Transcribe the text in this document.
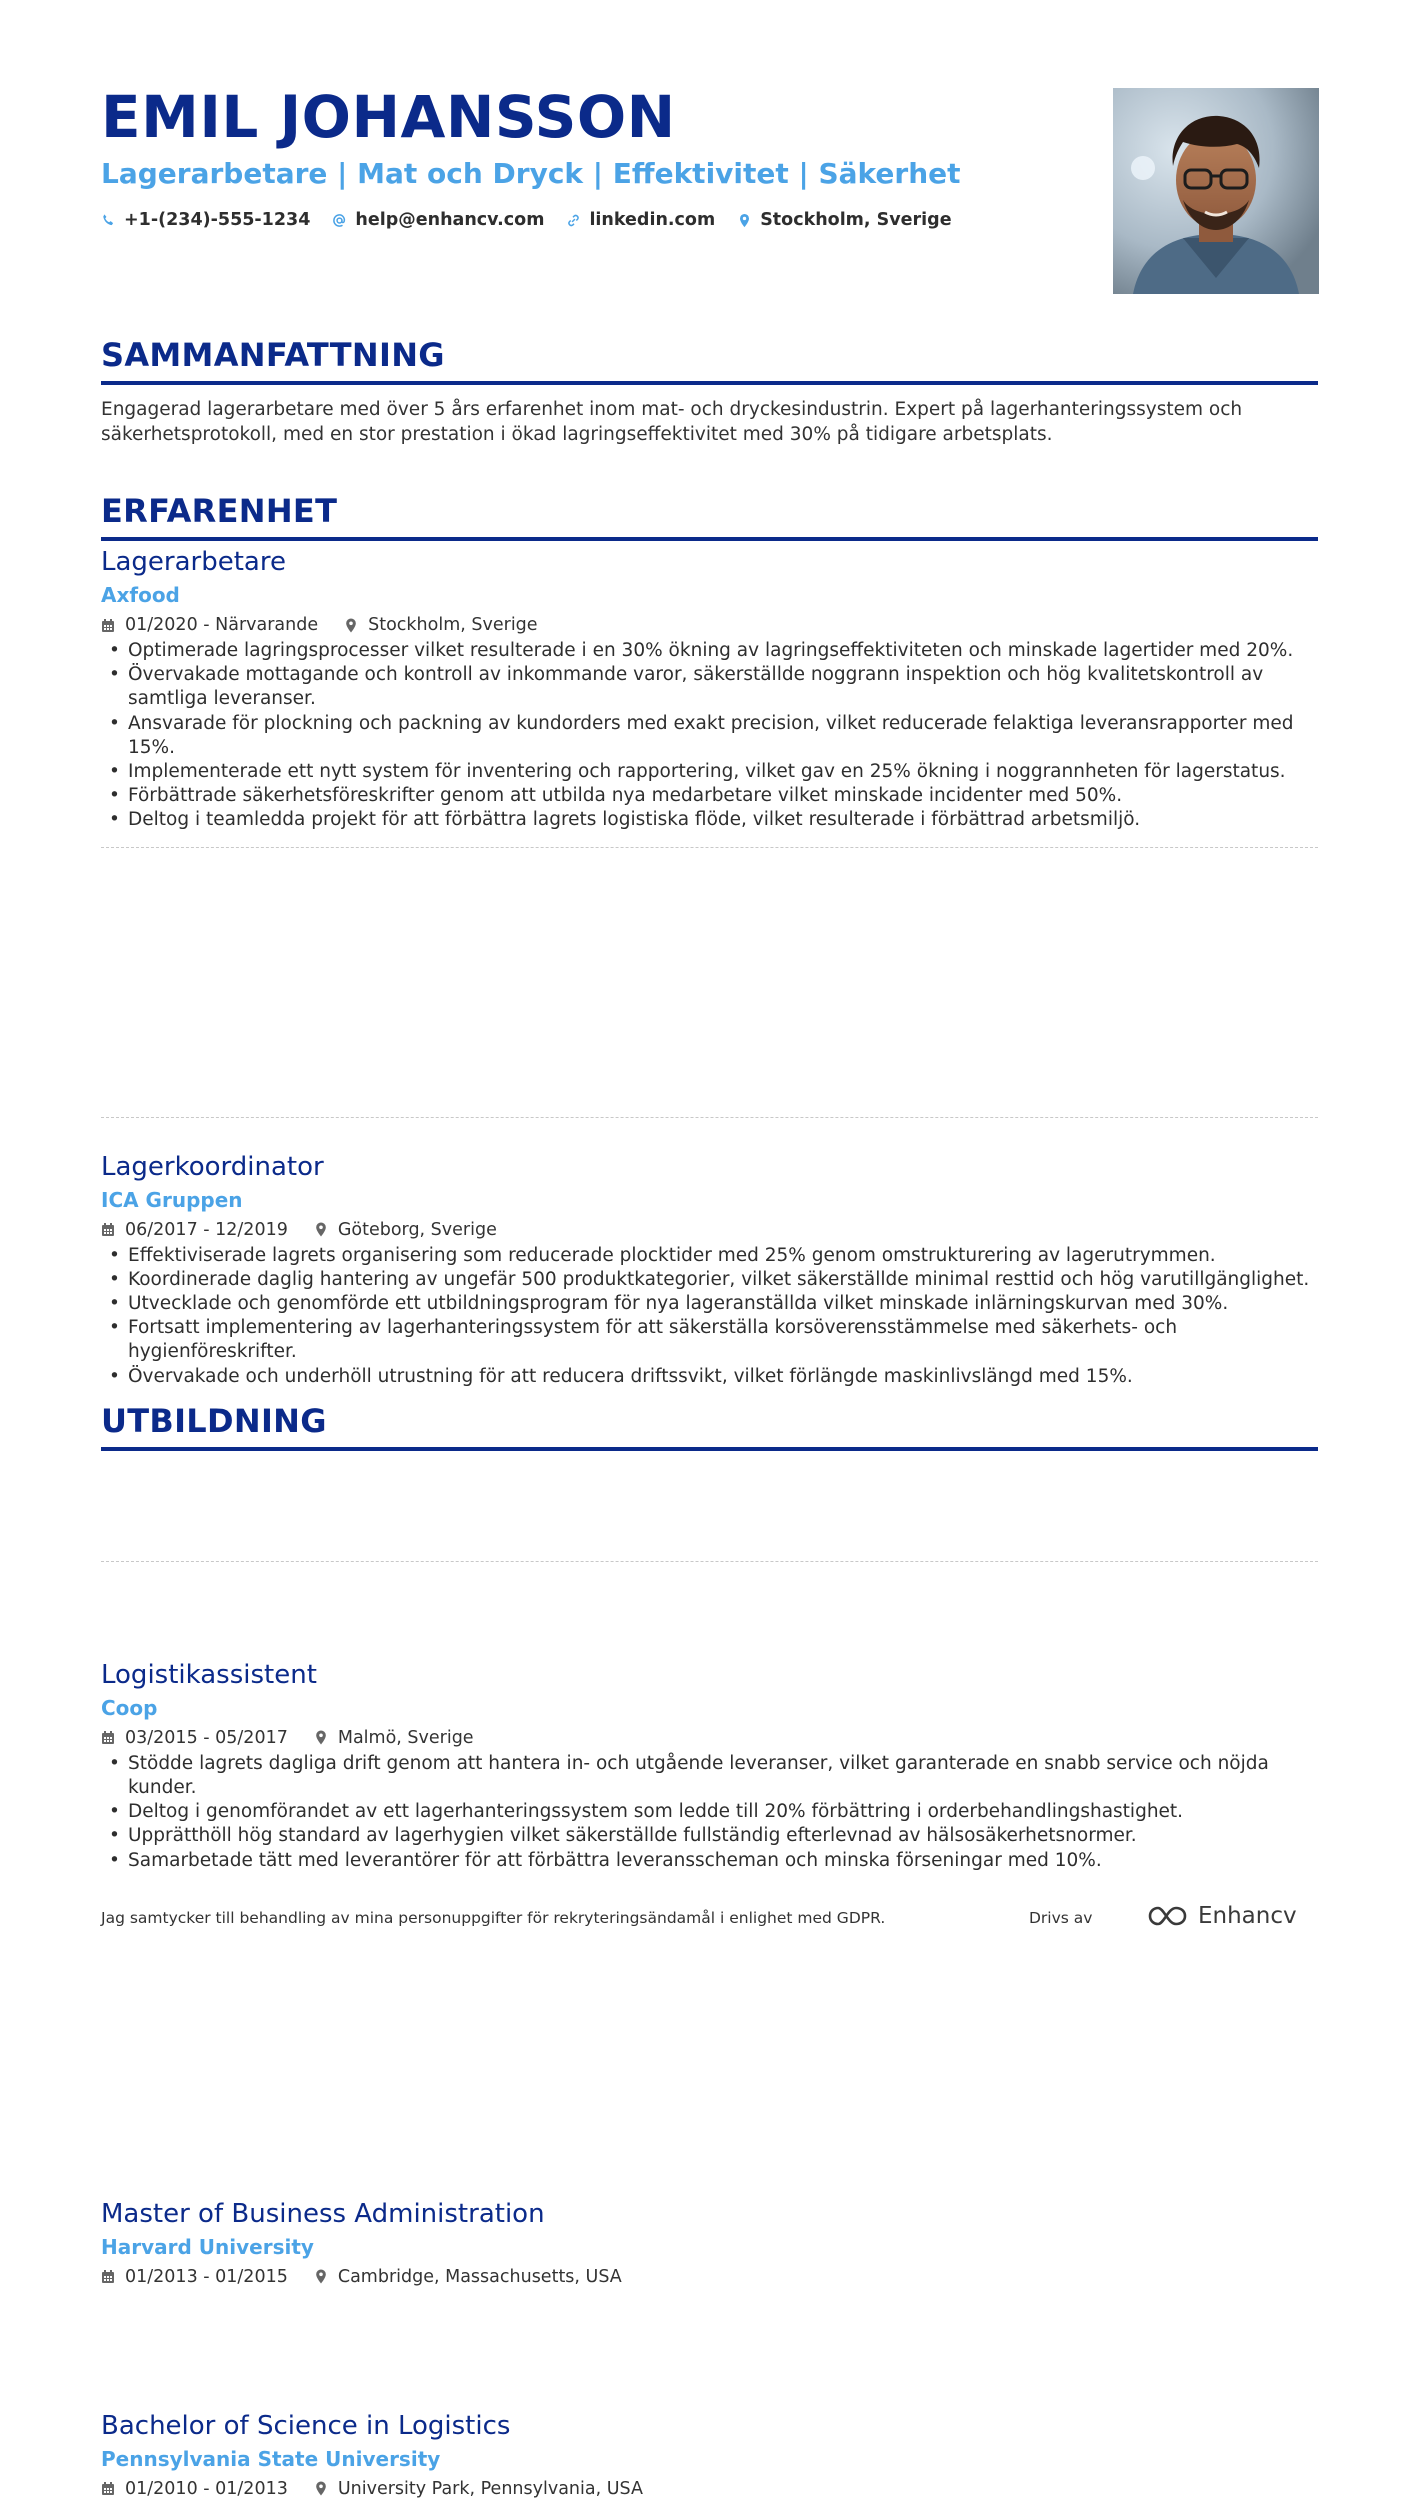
EMIL JOHANSSON
Lagerarbetare | Mat och Dryck | Effektivitet | Säkerhet
+1-(234)-555-1234	help@enhancv.com	linkedin.com	Stockholm, Sverige
SAMMANFATTNING
Engagerad lagerarbetare med över 5 års erfarenhet inom mat- och dryckesindustrin. Expert på lagerhanteringssystem och säkerhetsprotokoll, med en stor prestation i ökad lagringseffektivitet med 30% på tidigare arbetsplats.
ERFARENHET
Lagerarbetare
Axfood
01/2020 - Närvarande	Stockholm, Sverige
• Optimerade lagringsprocesser vilket resulterade i en 30% ökning av lagringseffektiviteten och minskade lagertider med 20%.
• Övervakade mottagande och kontroll av inkommande varor, säkerställde noggrann inspektion och hög kvalitetskontroll av samtliga leveranser.
• Ansvarade för plockning och packning av kundorders med exakt precision, vilket reducerade felaktiga leveransrapporter med 15%.
• Implementerade ett nytt system för inventering och rapportering, vilket gav en 25% ökning i noggrannheten för lagerstatus.
• Förbättrade säkerhetsföreskrifter genom att utbilda nya medarbetare vilket minskade incidenter med 50%.
• Deltog i teamledda projekt för att förbättra lagrets logistiska flöde, vilket resulterade i förbättrad arbetsmiljö.
Lagerkoordinator
ICA Gruppen
06/2017 - 12/2019	Göteborg, Sverige
• Effektiviserade lagrets organisering som reducerade plocktider med 25% genom omstrukturering av lagerutrymmen.
• Koordinerade daglig hantering av ungefär 500 produktkategorier, vilket säkerställde minimal resttid och hög varutillgänglighet.
• Utvecklade och genomförde ett utbildningsprogram för nya lageranställda vilket minskade inlärningskurvan med 30%.
• Fortsatt implementering av lagerhanteringssystem för att säkerställa korsöverensstämmelse med säkerhets- och hygienföreskrifter.
• Övervakade och underhöll utrustning för att reducera driftssvikt, vilket förlängde maskinlivslängd med 15%.
Logistikassistent
Coop
03/2015 - 05/2017	Malmö, Sverige
• Stödde lagrets dagliga drift genom att hantera in- och utgående leveranser, vilket garanterade en snabb service och nöjda kunder.
• Deltog i genomförandet av ett lagerhanteringssystem som ledde till 20% förbättring i orderbehandlingshastighet.
• Upprätthöll hög standard av lagerhygien vilket säkerställde fullständig efterlevnad av hälsosäkerhetsnormer.
• Samarbetade tätt med leverantörer för att förbättra leveransscheman och minska förseningar med 10%.
UTBILDNING
Master of Business Administration
Harvard University
01/2013 - 01/2015	Cambridge, Massachusetts, USA
Bachelor of Science in Logistics
Pennsylvania State University
01/2010 - 01/2013	University Park, Pennsylvania, USA
Jag samtycker till behandling av mina personuppgifter för rekryteringsändamål i enlighet med GDPR.	Drivs av	Enhancv
